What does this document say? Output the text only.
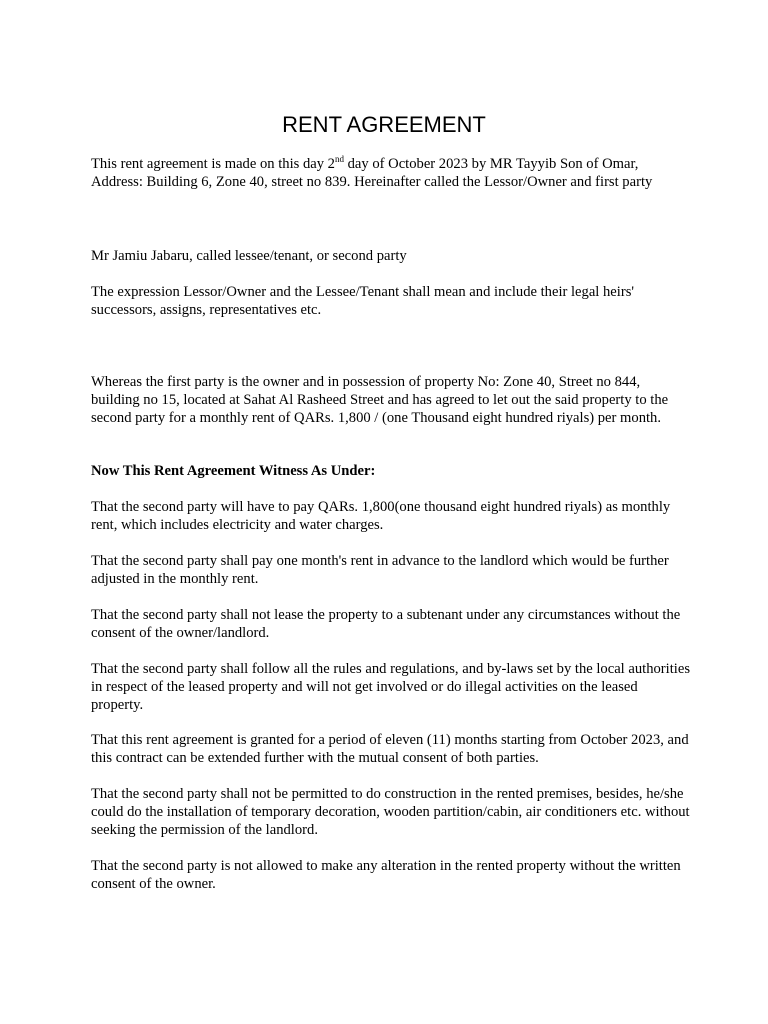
RENT AGREEMENT

This rent agreement is made on this day 2nd day of October 2023 by MR Tayyib Son of Omar, Address: Building 6, Zone 40, street no 839. Hereinafter called the Lessor/Owner and first party

Mr Jamiu Jabaru, called lessee/tenant, or second party

The expression Lessor/Owner and the Lessee/Tenant shall mean and include their legal heirs' successors, assigns, representatives etc.

Whereas the first party is the owner and in possession of property No: Zone 40, Street no 844, building no 15, located at Sahat Al Rasheed Street and has agreed to let out the said property to the second party for a monthly rent of QARs. 1,800 / (one Thousand eight hundred riyals) per month.

Now This Rent Agreement Witness As Under:

That the second party will have to pay QARs. 1,800(one thousand eight hundred riyals) as monthly rent, which includes electricity and water charges.

That the second party shall pay one month's rent in advance to the landlord which would be further adjusted in the monthly rent.

That the second party shall not lease the property to a subtenant under any circumstances without the consent of the owner/landlord.

That the second party shall follow all the rules and regulations, and by-laws set by the local authorities in respect of the leased property and will not get involved or do illegal activities on the leased property.

That this rent agreement is granted for a period of eleven (11) months starting from October 2023, and this contract can be extended further with the mutual consent of both parties.

That the second party shall not be permitted to do construction in the rented premises, besides, he/she could do the installation of temporary decoration, wooden partition/cabin, air conditioners etc. without seeking the permission of the landlord.

That the second party is not allowed to make any alteration in the rented property without the written consent of the owner.
